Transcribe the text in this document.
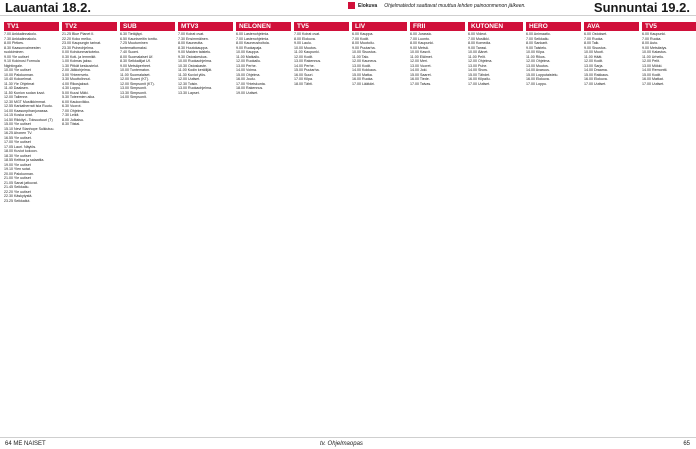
Lauantai 18.2.	Elokuva Ohjelmatiedot saattavat muuttua lehden painoonmenon jälkeen.	Sunnuntai 19.2.
TV1
7.00 Ankkalinnakolo.
7.30 Ankkalinnakolo.
8.00 Pirtkes.
8.30 Kaasunvaimesten ruokkiminen.
9.00 Yle uutiset
9.10 Kokinosi Formula Nightingale.
10.00 Yle uutiset
10.00 Palokunnan.
10.40 Kokoelmat.
11.30 Yle Ohjelmat
11.40 Daaksen.
11.50 Kunion sodan luvut.
12.00 Tallenne.
12.30 MGT Mustikkimmat.
12.55 Karkatherrait Isla Ruutu.
14.00 Kaasunpihanjunassa.
14.15 Koska ovat.
14.50 Rikkityt - Toksuotuuri (T)
15.00 Yle uutiset
15.10 Nevi Stanhope Sulkiutuu.
16.25 Ahonen TV.
16.55 Yle uutiset.
17.00 Yle uutiset
17.05 Lauri. Näytös.
18.00 Kuviot kokoon.
18.30 Yle uutiset
18.55 Keittoa ja salaattia.
19.00 Yle uutiset
19.10 Ylen sotat.
20.00 Palokunnan.
21.00 Yle uutiset
21.05 Sanat jatkuvat.
21.45 Seikkailu.
22.20 Yle uutiset
22.30 Käskytystä.
23.25 Seikkailut.
TV2
21.25 Blue Planet II.
22.20 Koko melko.
23.00 Kaupungin tarinat.
23.30 Puheohjelma.
0.00 Kohdunmarkoteko.
0.30 Koti- ja lemmikit.
1.00 Kolmas jakso.
1.30 Pitkät keskustelut.
2.00 Jälkiohjelma.
3.00 Yhteenveto.
3.30 Muuttolinnut.
4.00 Rikosjaksot.
4.30 Loppu.
5.00 Kuusi Mäki.
5.30 Toteemien aika.
6.00 Kaukoviikko.
6.30 Vuorot.
7.00 Ohjelma.
7.30 Leikit.
8.00 Julkaisu.
8.30 Tiistai.
SUB
6.30 Tietäjäpt.
6.50 Kaunisreitin tonttu.
7.25 Muutuminen tuntemattomaksi.
7.40 Suomi.
8.00 Suomalaiset Uf.
8.30 Seikkailijat Uf.
9.00 Metsäperheet.
10.00 Tuntematon.
11.00 Suomalaiset.
12.00 Suomi (KT).
12.00 Simpsonit (KT).
13.00 Simpsonit.
13.30 Simpsonit.
14.00 Simpsonit.
MTV3
7.00 Koirat ovat.
7.30 Ensimmäinen.
8.00 Kauneutta.
8.30 Huutokauppa.
9.00 Maiden taistelu.
9.30 Ostoskeskus.
10.00 Ruokaohjelma.
10.30 Ostoskaste.
11.00 Kodin keräilijät.
11.30 Kuviot ylös.
12.00 Uutiset.
12.30 Toisin.
13.00 Ruokaohjelma.
13.30 Lapset.
NELONEN
6.00 Lastenohjelmia.
7.00 Lastenohjelmia.
8.00 Kauneushoitola.
9.00 Ruokapaja.
10.00 Kauppa.
11.00 Matkailu.
12.00 Ruokailu.
13.00 Perhe.
14.00 Voima.
15.00 Ohjelma.
16.00 Joulu.
17.00 Yhteiskunta.
18.00 Rakennus.
19.00 Uutiset.
TV5
7.00 Koirat ovat.
8.00 Elokuva.
9.00 Laulu.
10.00 Muutos.
11.00 Kaupunki.
12.00 Kodit.
13.00 Rakennus.
14.00 Perhe.
15.00 Puutarha.
16.00 Suuri.
17.00 Kilpa.
18.00 Tähti.
LIV
6.00 Kauppa.
7.00 Kodit.
8.00 Muotoilu.
9.00 Puutarha.
10.00 Sisustus.
11.00 Talo.
12.00 Kauneus.
13.00 Kodit.
14.00 Kokkaus.
15.00 Matka.
16.00 Ruoka.
17.00 Lääkäri.
FRII
6.00 Jurassic.
7.00 Luonto.
8.00 Kaupunki.
9.00 Metsä.
10.00 Kasvit.
11.00 Eläimet.
12.00 Meri.
13.00 Vuoret.
14.00 Joki.
15.00 Saaret.
16.00 Tiede.
17.00 Taivas.
KUTONEN
6.00 Videot.
7.00 Musiikki.
8.00 Komedia.
9.00 Tanssi.
10.00 Äänet.
11.00 Pelit.
12.00 Ohjelma.
13.00 Puhe.
14.00 Show.
15.00 Tähdet.
16.00 Kilpailu.
17.00 Uutiset.
HERO
6.00 Animaatio.
7.00 Seikkailu.
8.00 Sankarit.
9.00 Taistelu.
10.00 Kilpa.
11.00 Rikos.
12.00 Ohjelma.
13.00 Muutos.
14.00 Avaruus.
15.00 Lopputaistelu.
16.00 Elokuva.
17.00 Loppu.
AVA
6.00 Ostokset.
7.00 Ruoka.
8.00 Talk.
9.00 Sisustus.
10.00 Muoti.
11.00 Häät.
12.00 Kodit.
13.00 Sarja.
14.00 Draama.
15.00 Rakkaus.
16.00 Elokuva.
17.00 Uutiset.
TV5
6.00 Kaupunki.
7.00 Ruoka.
8.00 Auto.
9.00 Metsästys.
10.00 Kalastus.
11.00 Urheilu.
12.00 Pelit.
13.00 Mökki.
14.00 Remontti.
15.00 Kodit.
16.00 Matkat.
17.00 Uutiset.
64 ME NAISET	tv. Ohjelmaopas	65
